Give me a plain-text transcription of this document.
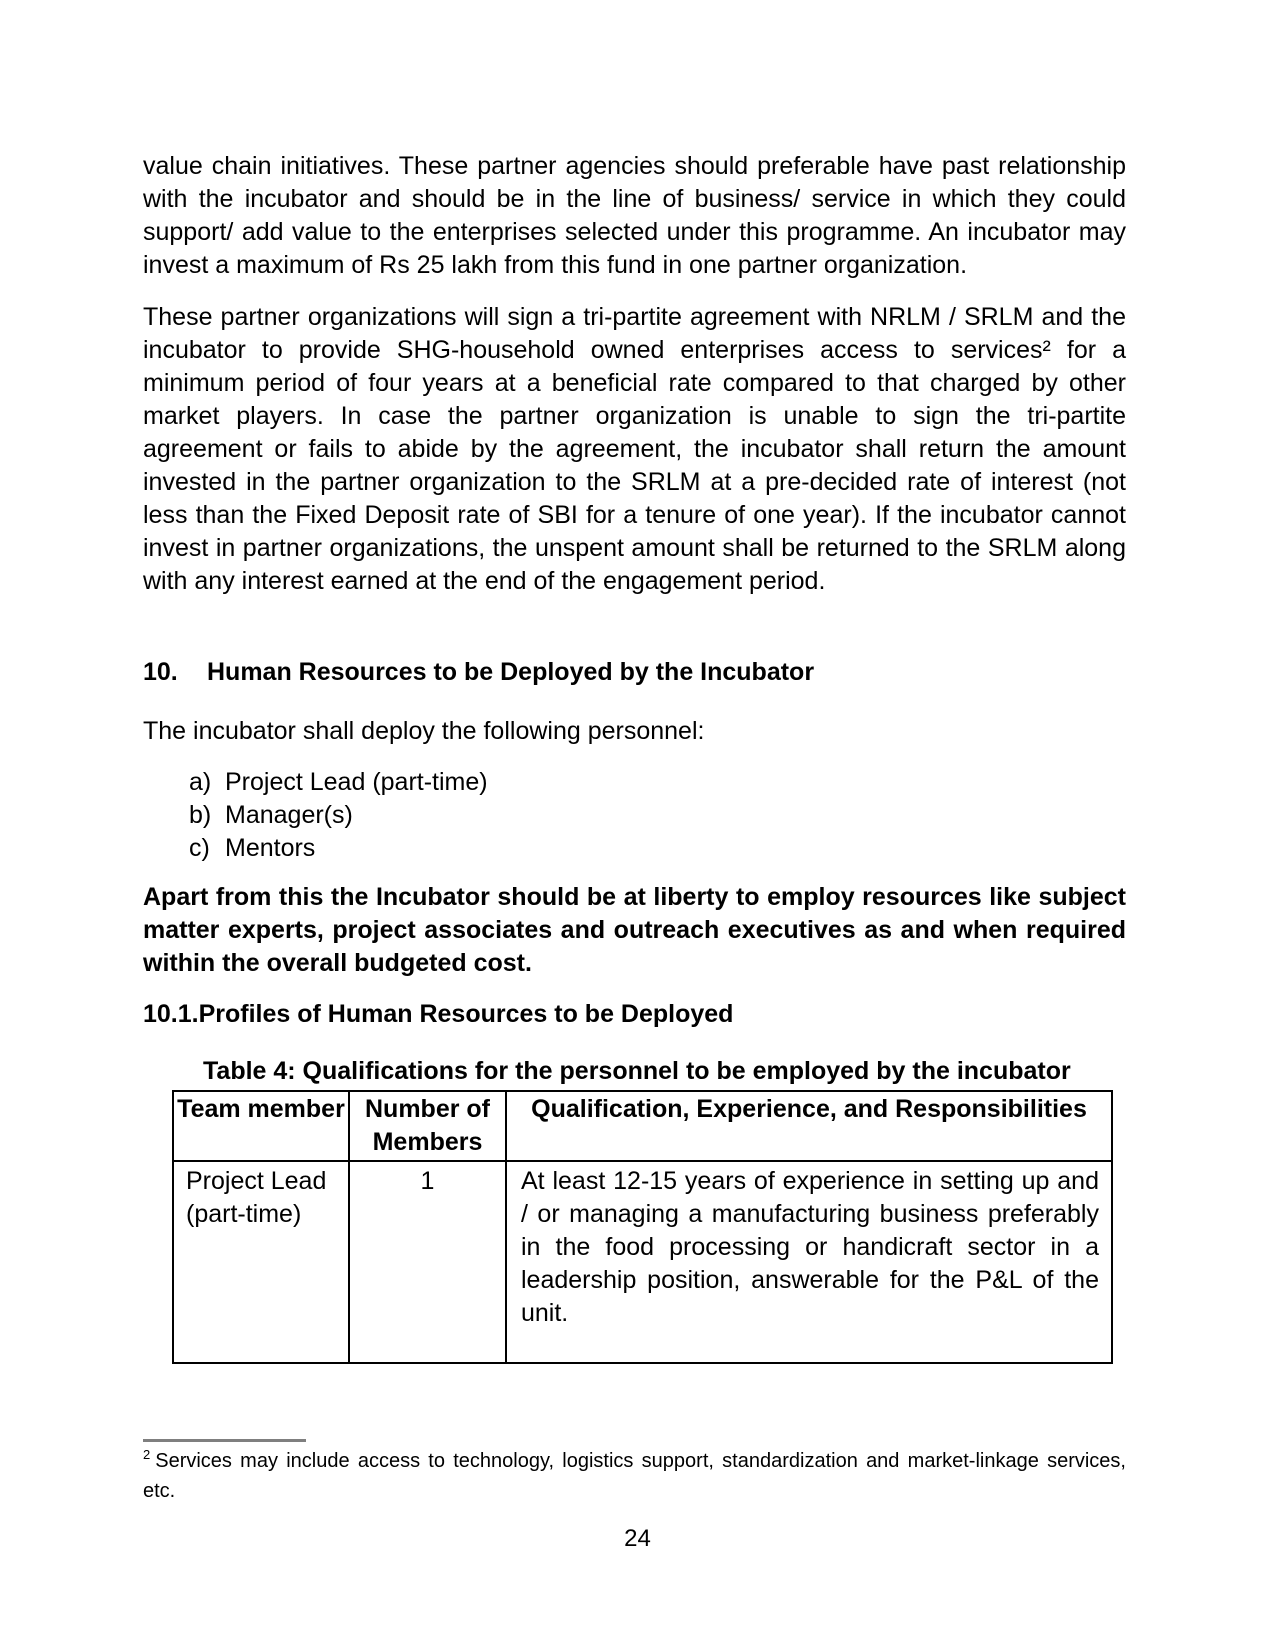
value chain initiatives. These partner agencies should preferable have past relationship with the incubator and should be in the line of business/ service in which they could support/ add value to the enterprises selected under this programme. An incubator may invest a maximum of Rs 25 lakh from this fund in one partner organization.

These partner organizations will sign a tri-partite agreement with NRLM / SRLM and the incubator to provide SHG-household owned enterprises access to services² for a minimum period of four years at a beneficial rate compared to that charged by other market players. In case the partner organization is unable to sign the tri-partite agreement or fails to abide by the agreement, the incubator shall return the amount invested in the partner organization to the SRLM at a pre-decided rate of interest (not less than the Fixed Deposit rate of SBI for a tenure of one year). If the incubator cannot invest in partner organizations, the unspent amount shall be returned to the SRLM along with any interest earned at the end of the engagement period.

10. Human Resources to be Deployed by the Incubator

The incubator shall deploy the following personnel:

a) Project Lead (part-time)
b) Manager(s)
c) Mentors

Apart from this the Incubator should be at liberty to employ resources like subject matter experts, project associates and outreach executives as and when required within the overall budgeted cost.

10.1.Profiles of Human Resources to be Deployed

Table 4: Qualifications for the personnel to be employed by the incubator

Team member	Number of Members	Qualification, Experience, and Responsibilities
Project Lead (part-time)	1	At least 12-15 years of experience in setting up and / or managing a manufacturing business preferably in the food processing or handicraft sector in a leadership position, answerable for the P&L of the unit.

$^2$ Services may include access to technology, logistics support, standardization and market-linkage services, etc.

24
